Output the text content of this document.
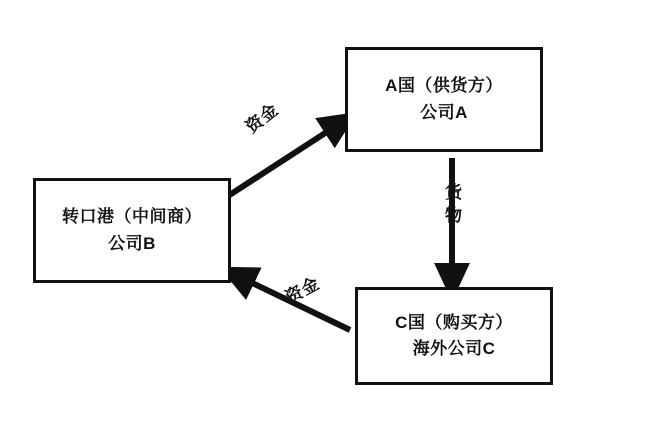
A国（供货方）
公司A
转口港（中间商）
公司B
C国（购买方）
海外公司C
资金
货物
资金
